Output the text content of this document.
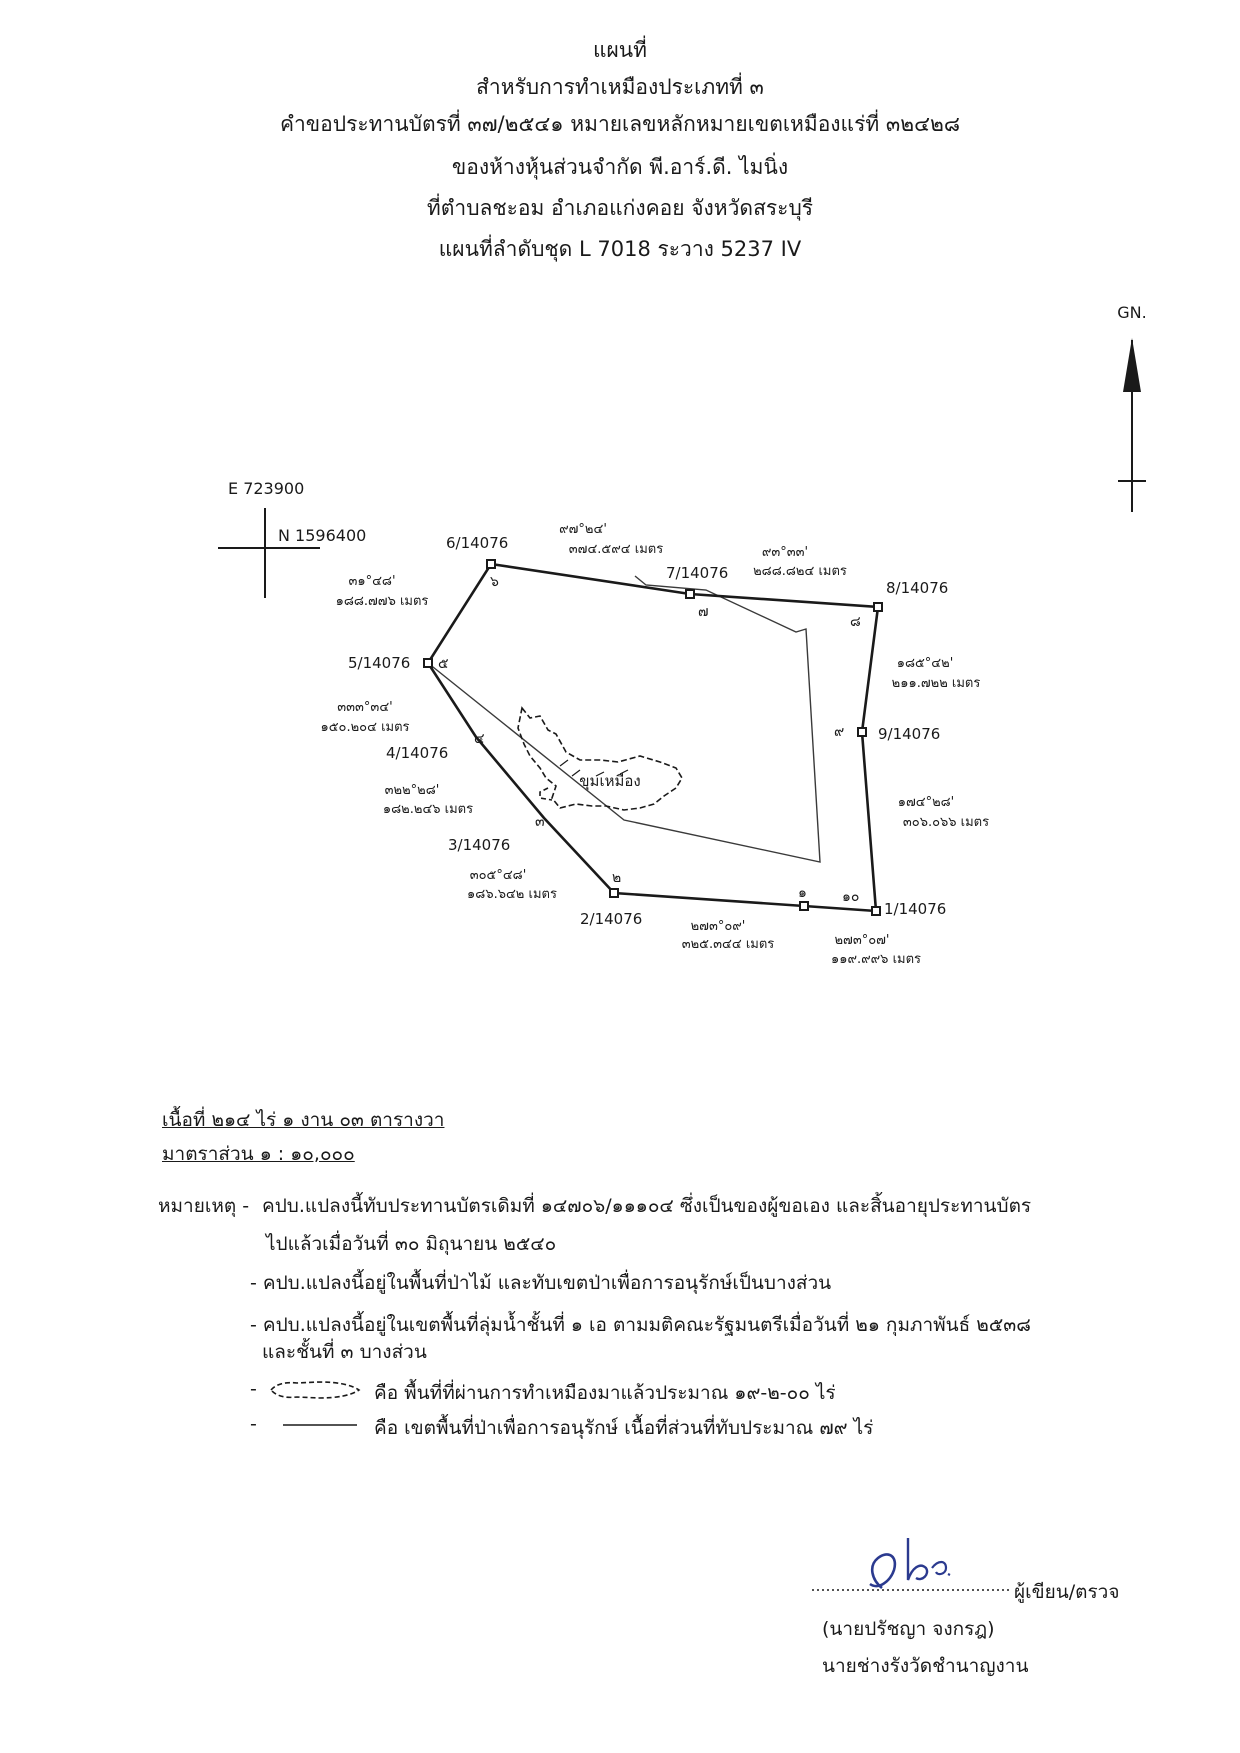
แผนที่
สำหรับการทำเหมืองประเภทที่ ๓
คำขอประทานบัตรที่ ๓๗/๒๕๔๑ หมายเลขหลักหมายเขตเหมืองแร่ที่ ๓๒๔๒๘
ของห้างหุ้นส่วนจำกัด พี.อาร์.ดี. ไมนิ่ง
ที่ตำบลชะอม อำเภอแก่งคอย จังหวัดสระบุรี
แผนที่ลำดับชุด L 7018 ระวาง 5237 IV
GN.
E 723900
N 1596400
ขุมเหมือง
1/14076
2/14076
3/14076
4/14076
5/14076
6/14076
7/14076
8/14076
9/14076
๑๐
๑
๒
๓
๔
๕
๖
๗
๘
๙
๙๗°๒๔'
๓๗๔.๕๙๔ เมตร	๙๓°๓๓'
๒๘๘.๘๒๔ เมตร
๓๑°๔๘'
๑๘๘.๗๗๖ เมตร
๑๘๕°๔๒'
๒๑๑.๗๒๒ เมตร
๓๓๓°๓๔'
๑๕๐.๒๐๔ เมตร
๑๗๔°๒๘'
๓๐๖.๐๖๖ เมตร
๓๒๒°๒๘'
๑๘๒.๒๔๖ เมตร
๓๐๕°๔๘'
๑๘๖.๖๔๒ เมตร
๒๗๓°๐๙'
๓๒๕.๓๔๔ เมตร	๒๗๓°๐๗'
๑๑๙.๙๙๖ เมตร
เนื้อที่ ๒๑๔ ไร่ ๑ งาน ๐๓ ตารางวา
มาตราส่วน ๑ : ๑๐,๐๐๐
หมายเหตุ - คปบ.แปลงนี้ทับประทานบัตรเดิมที่ ๑๔๗๐๖/๑๑๑๐๔ ซึ่งเป็นของผู้ขอเอง และสิ้นอายุประทานบัตร
ไปแล้วเมื่อวันที่ ๓๐ มิถุนายน ๒๕๔๐
- คปบ.แปลงนี้อยู่ในพื้นที่ป่าไม้ และทับเขตป่าเพื่อการอนุรักษ์เป็นบางส่วน
- คปบ.แปลงนี้อยู่ในเขตพื้นที่ลุ่มน้ำชั้นที่ ๑ เอ ตามมติคณะรัฐมนตรีเมื่อวันที่ ๒๑ กุมภาพันธ์ ๒๕๓๘
และชั้นที่ ๓ บางส่วน
-	คือ พื้นที่ที่ผ่านการทำเหมืองมาแล้วประมาณ ๑๙-๒-๐๐ ไร่
-	คือ เขตพื้นที่ป่าเพื่อการอนุรักษ์ เนื้อที่ส่วนที่ทับประมาณ ๗๙ ไร่
ผู้เขียน/ตรวจ
(นายปรัชญา จงกรฎ)
นายช่างรังวัดชำนาญงาน
